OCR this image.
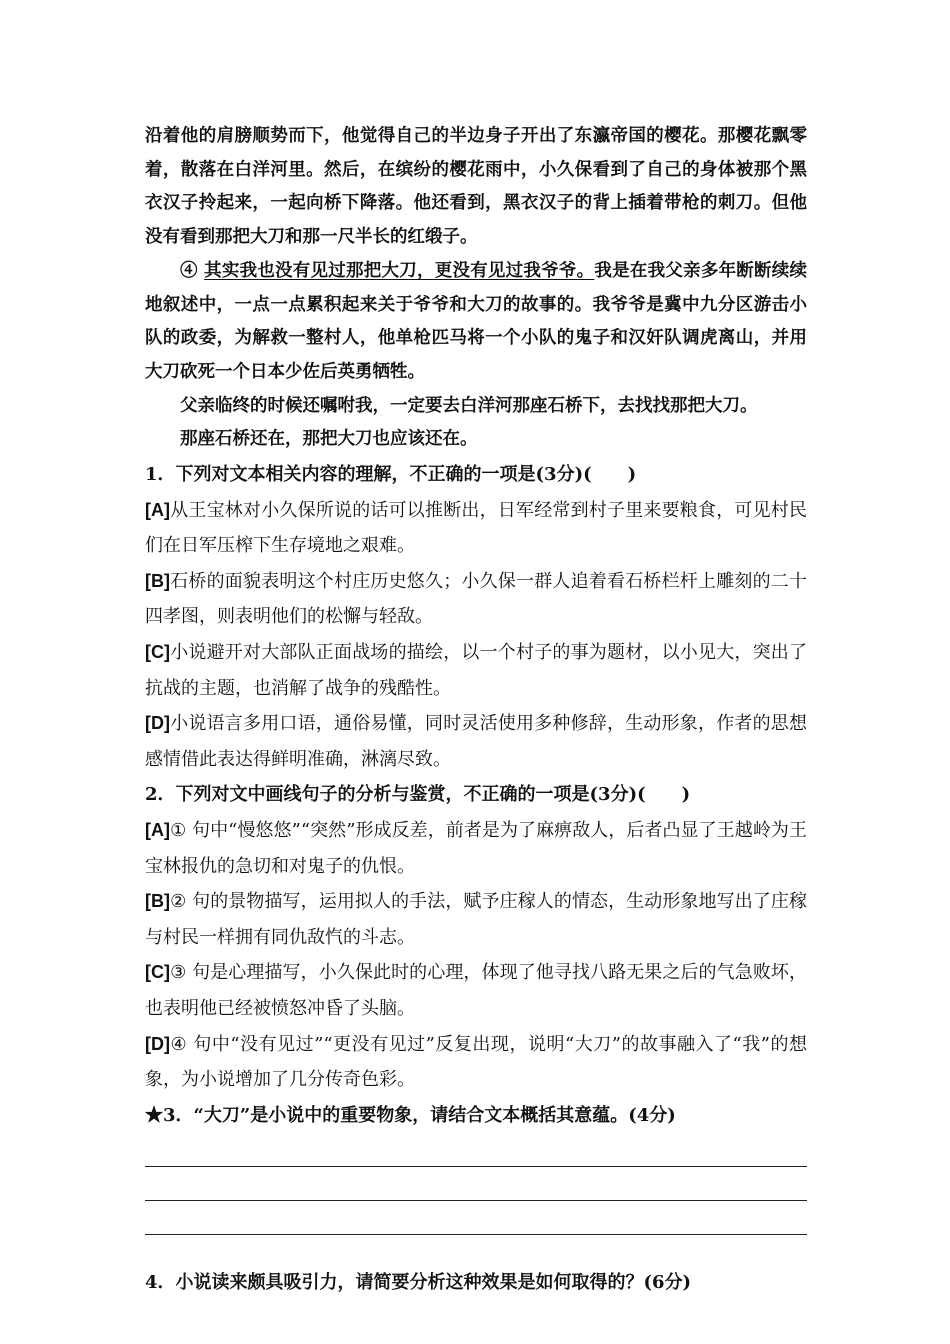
沿着他的肩膀顺势而下，他觉得自己的半边身子开出了东瀛帝国的樱花。那樱花飘零着，散落在白洋河里。然后，在缤纷的樱花雨中，小久保看到了自己的身体被那个黑衣汉子拎起来，一起向桥下降落。他还看到，黑衣汉子的背上插着带枪的刺刀。但他没有看到那把大刀和那一尺半长的红缎子。

④ 其实我也没有见过那把大刀，更没有见过我爷爷。我是在我父亲多年断断续续地叙述中，一点一点累积起来关于爷爷和大刀的故事的。我爷爷是冀中九分区游击小队的政委，为解救一整村人，他单枪匹马将一个小队的鬼子和汉奸队调虎离山，并用大刀砍死一个日本少佐后英勇牺牲。

父亲临终的时候还嘱咐我，一定要去白洋河那座石桥下，去找找那把大刀。

那座石桥还在，那把大刀也应该还在。

1．下列对文本相关内容的理解，不正确的一项是(3分)(　　)

[A]从王宝林对小久保所说的话可以推断出，日军经常到村子里来要粮食，可见村民们在日军压榨下生存境地之艰难。

[B]石桥的面貌表明这个村庄历史悠久；小久保一群人追着看石桥栏杆上雕刻的二十四孝图，则表明他们的松懈与轻敌。

[C]小说避开对大部队正面战场的描绘，以一个村子的事为题材，以小见大，突出了抗战的主题，也消解了战争的残酷性。

[D]小说语言多用口语，通俗易懂，同时灵活使用多种修辞，生动形象，作者的思想感情借此表达得鲜明准确，淋漓尽致。

2．下列对文中画线句子的分析与鉴赏，不正确的一项是(3分)(　　)

[A]① 句中“慢悠悠”“突然”形成反差，前者是为了麻痹敌人，后者凸显了王越岭为王宝林报仇的急切和对鬼子的仇恨。

[B]② 句的景物描写，运用拟人的手法，赋予庄稼人的情态，生动形象地写出了庄稼与村民一样拥有同仇敌忾的斗志。

[C]③ 句是心理描写，小久保此时的心理，体现了他寻找八路无果之后的气急败坏，也表明他已经被愤怒冲昏了头脑。

[D]④ 句中“没有见过”“更没有见过”反复出现，说明“大刀”的故事融入了“我”的想象，为小说增加了几分传奇色彩。

★3．“大刀”是小说中的重要物象，请结合文本概括其意蕴。(4分)

4．小说读来颇具吸引力，请简要分析这种效果是如何取得的？(6分)
